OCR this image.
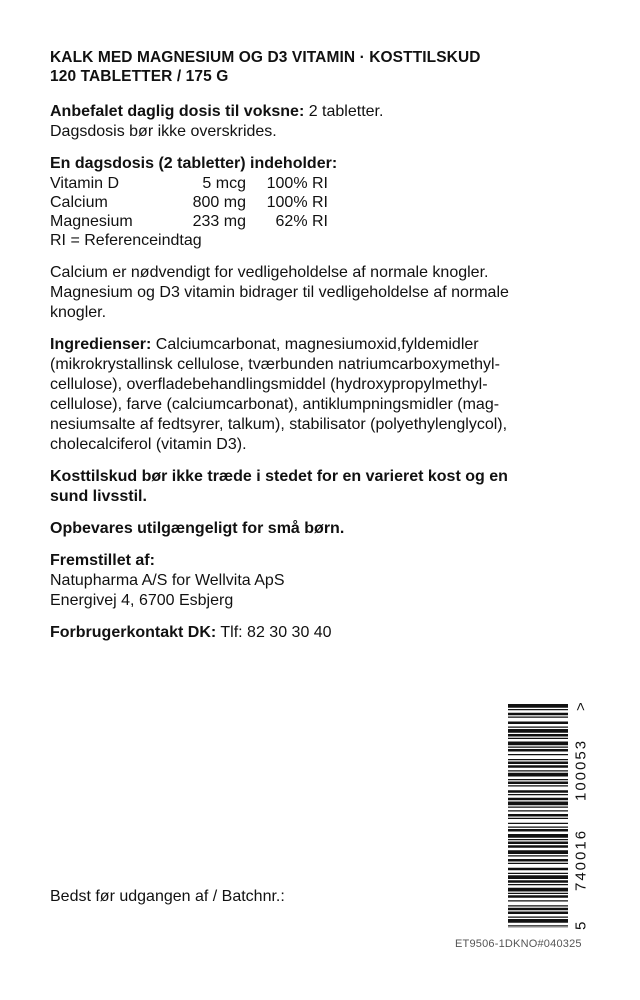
KALK MED MAGNESIUM OG D3 VITAMIN · KOSTTILSKUD
120 TABLETTER / 175 G

Anbefalet daglig dosis til voksne: 2 tabletter.
Dagsdosis bør ikke overskrides.

En dagsdosis (2 tabletter) indeholder:
Vitamin D	5 mcg	100% RI
Calcium	800 mg	100% RI
Magnesium	233 mg	62% RI
RI = Referenceindtag

Calcium er nødvendigt for vedligeholdelse af normale knogler.
Magnesium og D3 vitamin bidrager til vedligeholdelse af normale
knogler.

Ingredienser: Calciumcarbonat, magnesiumoxid,fyldemidler
(mikrokrystallinsk cellulose, tværbunden natriumcarboxymethyl-
cellulose), overfladebehandlingsmiddel (hydroxypropylmethyl-
cellulose), farve (calciumcarbonat), antiklumpningsmidler (mag-
nesiumsalte af fedtsyrer, talkum), stabilisator (polyethylenglycol),
cholecalciferol (vitamin D3).

Kosttilskud bør ikke træde i stedet for en varieret kost og en
sund livsstil.

Opbevares utilgængeligt for små børn.

Fremstillet af:
Natupharma A/S for Wellvita ApS
Energivej 4, 6700 Esbjerg

Forbrugerkontakt DK: Tlf: 82 30 30 40

5
740016
100053
>
Bedst før udgangen af / Batchnr.:
ET9506-1DKNO#040325
